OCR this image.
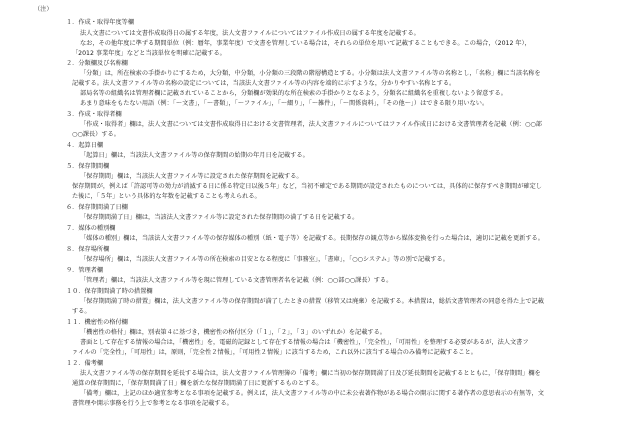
（注）
１．作成・取得年度等欄
法人文書については文書作成取得日の属する年度，法人文書ファイルについてはファイル作成日の属する年度を記載する。
なお，その他年度に準ずる期間単位（例：暦年，事業年度）で文書を管理している場合は，それらの単位を用いて記載することもできる。この場合，（2012 年），
「2012 事業年度」などと当該単位を明確に記載する。
２．分類欄及び名称欄
「分類」は，所在検索の手掛かりにするため，大分類，中分類，小分類の三段階の階層構造とする。小分類は法人文書ファイル等の名称とし，「名称」欄に当該名称を
記載する。法人文書ファイル等の名称の設定については，当該法人文書ファイル等の内容を端的に示すような，分かりやすい名称とする。
部局名等の組織名は管理者欄に記載されていることから，分類欄が効果的な所在検索の手掛かりとなるよう，分類名に組織名を重複しないよう留意する。
あまり意味をもたない用語（例：「～文書」，「～書類」，「～ファイル」，「～綴り」，「～雑件」，「～関係資料」，「その他～」）はできる限り用いない。
３．作成・取得者欄
「作成・取得者」欄は，法人文書については文書作成取得日における文書管理者，法人文書ファイルについてはファイル作成日における文書管理者を記載（例：○○部
○○課長）する。
４．起算日欄
「起算日」欄は，当該法人文書ファイル等の保存期間の始期の年月日を記載する。
５．保存期間欄
「保存期間」欄は，当該法人文書ファイル等に設定された保存期間を記載する。
保存期間が，例えば「許認可等の効力が消滅する日に係る特定日以後５年」など，当初不確定である期間が設定されたものについては，具体的に保存すべき期間が確定し
た後に，「５年」という具体的な年数を記載することも考えられる。
６．保存期間満了日欄
「保存期間満了日」欄は，当該法人文書ファイル等に設定された保存期間の満了する日を記載する。
７．媒体の種別欄
「媒体の種別」欄は，当該法人文書ファイル等の保存媒体の種別（紙・電子等）を記載する。長期保存の観点等から媒体変換を行った場合は，適切に記載を更新する。
８．保存場所欄
「保存場所」欄は，当該法人文書ファイル等の所在検索の目安となる程度に「事務室」，「書庫」，「○○システム」等の別で記載する。
９．管理者欄
「管理者」欄は，当該法人文書ファイル等を現に管理している文書管理者名を記載（例：○○部○○課長）する。
１０．保存期間満了時の措置欄
「保存期間満了時の措置」欄は，法人文書ファイル等の保存期間が満了したときの措置（移管又は廃棄）を記載する。本措置は，総括文書管理者の同意を得た上で記載
する。
１１．機密性の格付欄
「機密性の格付」欄は，別表第４に基づき，機密性の格付区分（「１」，「２」，「３」のいずれか）を記載する。
書面として存在する情報の場合は，「機密性」を，電磁的記録として存在する情報の場合は「機密性」，「完全性」，「可用性」を整理する必要があるが，法人文書フ
ァイルの「完全性」，「可用性」は，原則，「完全性２情報」，「可用性２情報」に該当するため，これ以外に該当する場合のみ備考に記載すること。
１２．備考欄
法人文書ファイル等の保存期間を延長する場合は，法人文書ファイル管理簿の「備考」欄に当初の保存期間満了日及び延長期間を記載するとともに，「保存期間」欄を
通算の保存期間に，「保存期間満了日」欄を新たな保存期間満了日に更新するものとする。
「備考」欄は，上記のほか適宜参考となる事項を記載する。例えば，法人文書ファイル等の中に未公表著作物がある場合の開示に関する著作者の意思表示の有無等，文
書管理や開示事務を行う上で参考となる事項を記載する。
